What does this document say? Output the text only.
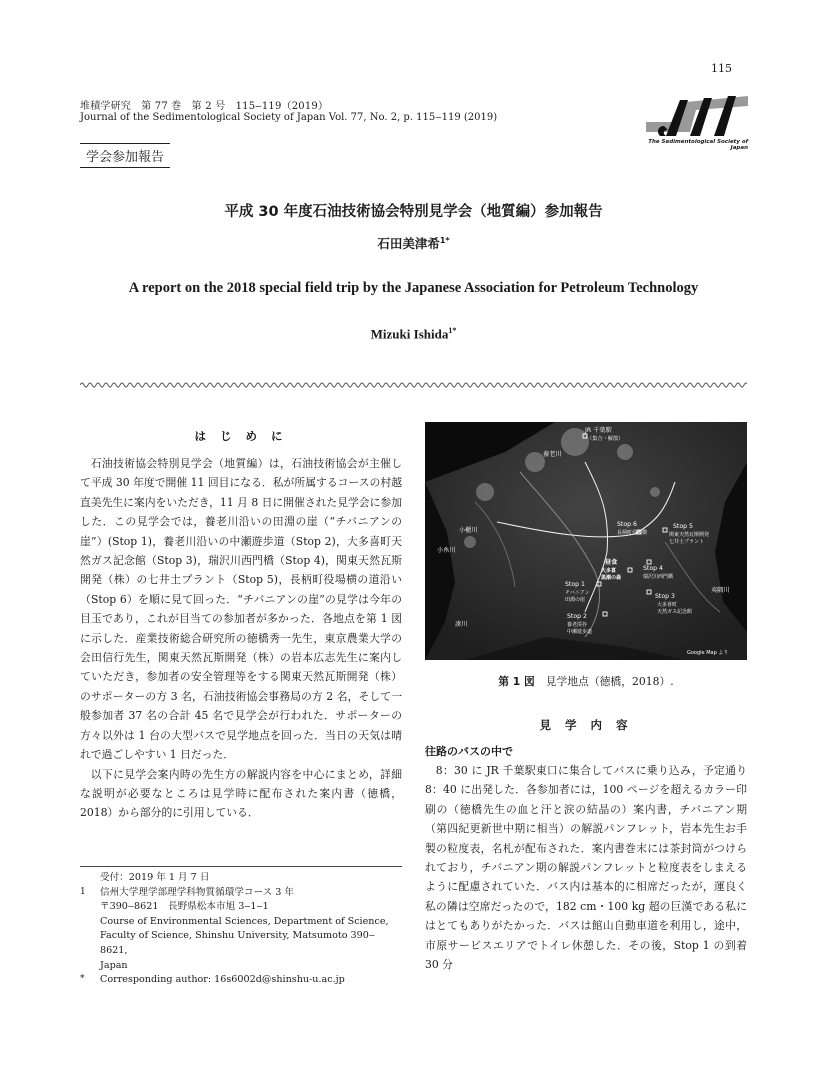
115
堆積学研究　第 77 巻　第 2 号　115‒119（2019）
Journal of the Sedimentological Society of Japan Vol. 77, No. 2, p. 115‒119 (2019)
The Sedimentological Society of Japan
学会参加報告
平成 30 年度石油技術協会特別見学会（地質編）参加報告
石田美津希$^{1*}$
A report on the 2018 special field trip by the Japanese Association for Petroleum Technology
Mizuki Ishida$^{1*}$
は じ め に

石油技術協会特別見学会（地質編）は，石油技術協会が主催して平成 30 年度で開催 11 回目になる．私が所属するコースの村越直美先生に案内をいただき，11 月 8 日に開催された見学会に参加した．この見学会では，養老川沿いの田淵の崖（“チバニアンの崖”）(Stop 1)，養老川沿いの中瀬遊歩道（Stop 2)，大多喜町天然ガス記念館（Stop 3)，瑞沢川西門橋（Stop 4)，関東天然瓦斯開発（株）の七井土プラント（Stop 5)，長柄町役場横の道沿い（Stop 6）を順に見て回った．“チバニアンの崖”の見学は今年の目玉であり，これが目当ての参加者が多かった．各地点を第 1 図に示した．産業技術総合研究所の徳橋秀一先生，東京農業大学の会田信行先生，関東天然瓦斯開発（株）の岩本広志先生に案内していただき，参加者の安全管理等をする関東天然瓦斯開発（株）のサポーターの方 3 名，石油技術協会事務局の方 2 名，そして一般参加者 37 名の合計 45 名で見学会が行われた．サポーターの方々以外は 1 台の大型バスで見学地点を回った．当日の天気は晴れで過ごしやすい 1 日だった．

以下に見学会案内時の先生方の解説内容を中心にまとめ，詳細な説明が必要なところは見学時に配布された案内書（徳橋，2018）から部分的に引用している．

受付：2019 年 1 月 7 日
1 信州大学理学部理学科物質循環学コース 3 年
〒390‒8621　長野県松本市旭 3‒1‒1
Course of Environmental Sciences, Department of Science,
Faculty of Science, Shinshu University, Matsumoto 390‒8621,
Japan
* Corresponding author: 16s6002d@shinshu-u.ac.jp
JR 千葉駅
（集合・解散）
養老川
小櫃川
小糸川
湊川
夷隅川
Stop 6
長柄町役場横
Stop 5
関東天然瓦斯開発
七井土プラント
昼食
大多喜
黒潮の森
Stop 4
瑞沢川西門橋
Stop 1
チバニアン
田淵の崖	Stop 3
大多喜町
天然ガス記念館
Stop 2
養老渓谷
中瀬遊歩道
Google Map より
第 1 図　 見学地点（徳橋，2018）.
見 学 内 容
往路のバスの中で

8：30 に JR 千葉駅東口に集合してバスに乗り込み，予定通り 8：40 に出発した．各参加者には，100 ページを超えるカラー印刷の（徳橋先生の血と汗と涙の結晶の）案内書，チバニアン期（第四紀更新世中期に相当）の解説パンフレット，岩本先生お手製の粒度表，名札が配布された．案内書巻末には茶封筒がつけられており，チバニアン期の解説パンフレットと粒度表をしまえるように配慮されていた．バス内は基本的に相席だったが，運良く私の隣は空席だったので，182 cm・100 kg 超の巨漢である私にはとてもありがたかった．バスは館山自動車道を利用し，途中，市原サービスエリアでトイレ休憩した．その後，Stop 1 の到着 30 分
